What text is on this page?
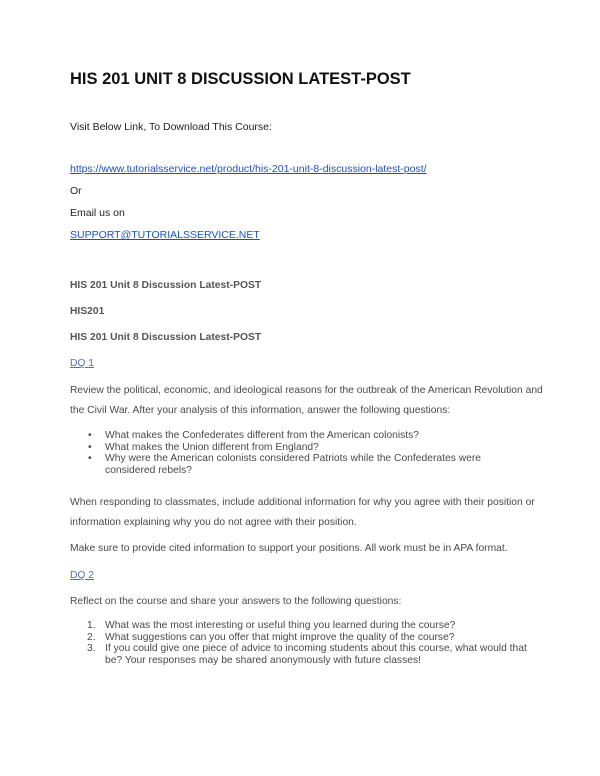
HIS 201 UNIT 8 DISCUSSION LATEST-POST
Visit Below Link, To Download This Course:
https://www.tutorialsservice.net/product/his-201-unit-8-discussion-latest-post/
Or
Email us on
SUPPORT@TUTORIALSSERVICE.NET
HIS 201 Unit 8 Discussion Latest-POST
HIS201
HIS 201 Unit 8 Discussion Latest-POST
DQ 1
Review the political, economic, and ideological reasons for the outbreak of the American Revolution and
the Civil War. After your analysis of this information, answer the following questions:
• What makes the Confederates different from the American colonists?
• What makes the Union different from England?
• Why were the American colonists considered Patriots while the Confederates were considered rebels?
When responding to classmates, include additional information for why you agree with their position or
information explaining why you do not agree with their position.
Make sure to provide cited information to support your positions. All work must be in APA format.
DQ 2
Reflect on the course and share your answers to the following questions:
1. What was the most interesting or useful thing you learned during the course?
2. What suggestions can you offer that might improve the quality of the course?
3. If you could give one piece of advice to incoming students about this course, what would that be? Your responses may be shared anonymously with future classes!
